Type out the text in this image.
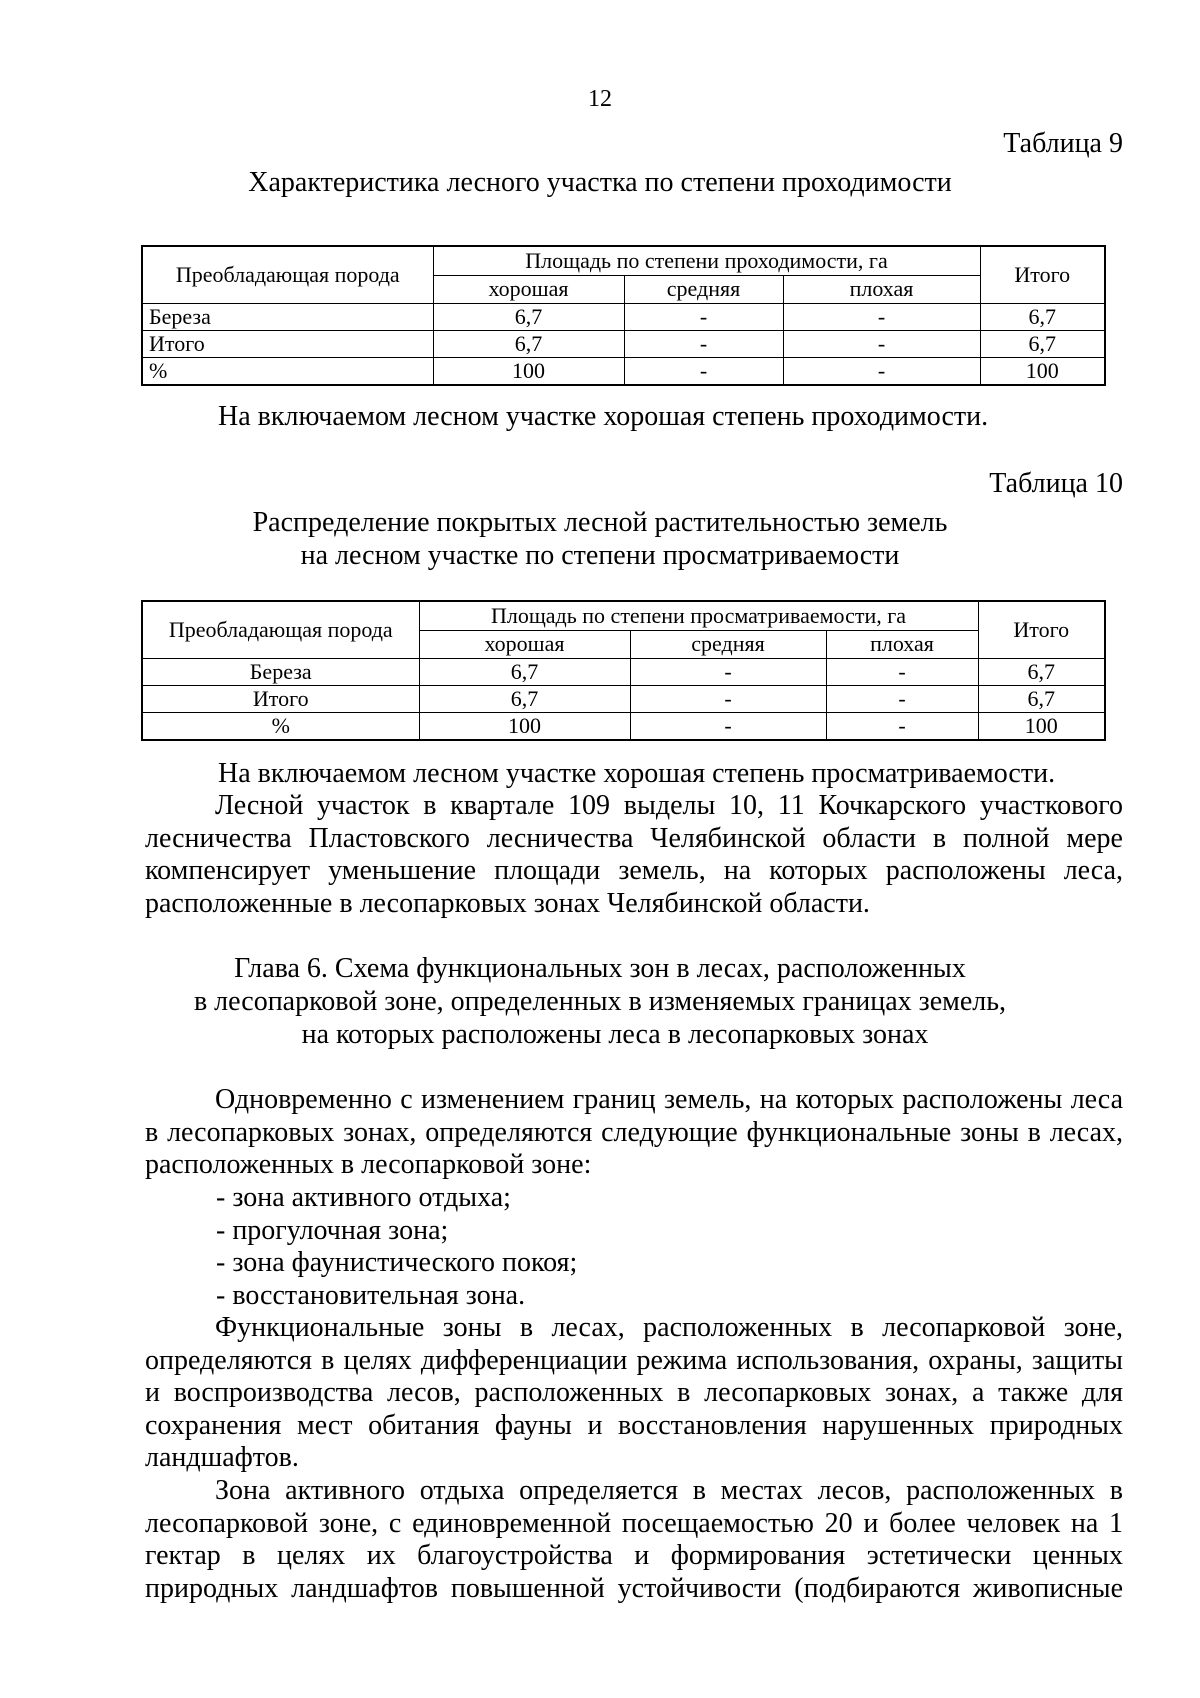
12
Таблица 9
Характеристика лесного участка по степени проходимости
Преобладающая порода	Площадь по степени проходимости, га			Итого
	хорошая	средняя	плохая	
Береза	6,7	-	-	6,7
Итого	6,7	-	-	6,7
%	100	-	-	100
На включаемом лесном участке хорошая степень проходимости.
Таблица 10
Распределение покрытых лесной растительностью земель
на лесном участке по степени просматриваемости
Преобладающая порода	Площадь по степени просматриваемости, га			Итого
	хорошая	средняя	плохая	
Береза	6,7	-	-	6,7
Итого	6,7	-	-	6,7
%	100	-	-	100
На включаемом лесном участке хорошая степень просматриваемости.
Лесной участок в квартале 109 выделы 10, 11 Кочкарского участкового лесничества Пластовского лесничества Челябинской области в полной мере компенсирует уменьшение площади земель, на которых расположены леса, расположенные в лесопарковых зонах Челябинской области.
Глава 6. Схема функциональных зон в лесах, расположенных
в лесопарковой зоне, определенных в изменяемых границах земель,
на которых расположены леса в лесопарковых зонах
Одновременно с изменением границ земель, на которых расположены леса в лесопарковых зонах, определяются следующие функциональные зоны в лесах, расположенных в лесопарковой зоне:
- зона активного отдыха;
- прогулочная зона;
- зона фаунистического покоя;
- восстановительная зона.
Функциональные зоны в лесах, расположенных в лесопарковой зоне, определяются в целях дифференциации режима использования, охраны, защиты и воспроизводства лесов, расположенных в лесопарковых зонах, а также для сохранения мест обитания фауны и восстановления нарушенных природных ландшафтов.
Зона активного отдыха определяется в местах лесов, расположенных в лесопарковой зоне, с единовременной посещаемостью 20 и более человек на 1 гектар в целях их благоустройства и формирования эстетически ценных природных ландшафтов повышенной устойчивости (подбираются живописные
